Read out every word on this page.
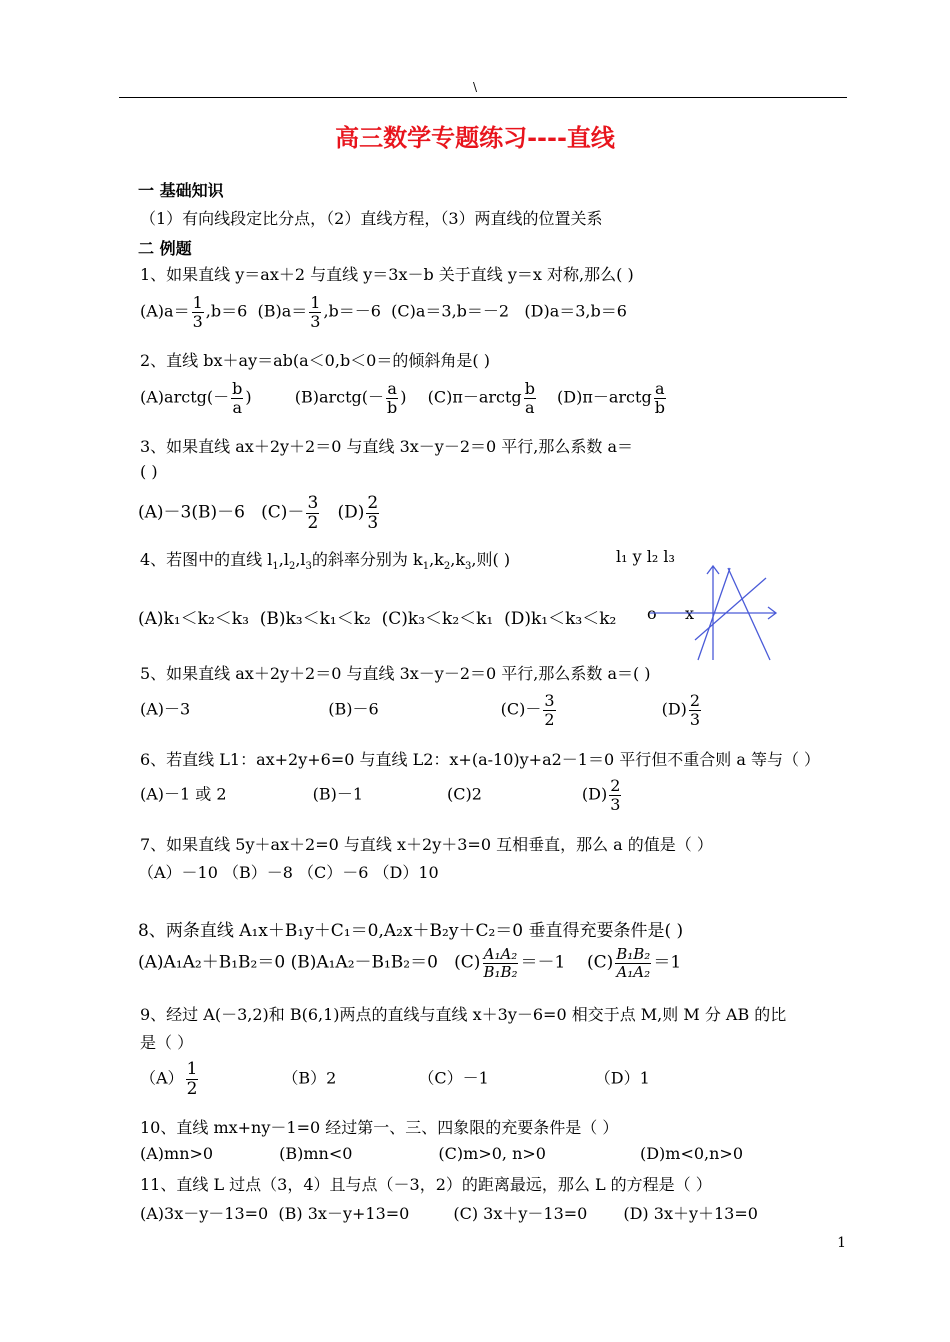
\
高三数学专题练习----直线
一 基础知识
（1）有向线段定比分点，（2）直线方程，（3）两直线的位置关系
二 例题
1、如果直线 y＝ax＋2 与直线 y＝3x－b 关于直线 y＝x 对称,那么( )
$(A)a= \frac{1}{3} ,b=6$ $(B)a= \frac{1}{3} ,b=-6$ (C)a＝3,b＝－2 (D)a＝3,b＝6
2、直线 bx＋ay＝ab(a＜0,b＜0＝的倾斜角是( )
(A)arctg(－ $\frac{b}{a}$ )	(B)arctg(－ $\frac{a}{b}$ ) (C)π－arctg $\frac{b}{a}$ (D)π－arctg $\frac{a}{b}$
3、如果直线 ax＋2y＋2＝0 与直线 3x－y－2＝0 平行,那么系数 a＝
( )
(A)－3(B)－6 $(C)- \frac{3}{2} (D) \frac{2}{3}$
4、若图中的直线 $l_1,l_2,l_3$的斜率分别为 $k_1,k_2,k_3$,则( )	l₁ y l₂ l₃
(A)k₁＜k₂＜k₃ (B)k₃＜k₁＜k₂ (C)k₃＜k₂＜k₁ (D)k₁＜k₃＜k₂ o x
5、如果直线 ax＋2y＋2＝0 与直线 3x－y－2＝0 平行,那么系数 a＝( )
(A)－3	(B)－6	$(C)- \frac{3}{2}$	$(D) \frac{2}{3}$
6、若直线 L1：ax+2y+6=0 与直线 L2：x+(a-10)y+a2－1＝0 平行但不重合则 a 等与（ ）
(A)－1 或 2	(B)－1	(C)2	$(D) \frac{2}{3}$
7、如果直线 5y＋ax＋2=0 与直线 x＋2y＋3=0 互相垂直，那么 a 的值是（ ）
（A）－10 （B）－8 （C）－6 （D）10
8、两条直线 A₁x＋B₁y＋C₁＝0,A₂x＋B₂y＋C₂＝0 垂直得充要条件是( )
(A)A₁A₂＋B₁B₂＝0 (B)A₁A₂－B₁B₂＝0 $(C) \frac{\text{A₁A₂}}{\text{B₁B₂}} =-1$ $(C) \frac{\text{B₁B₂}}{\text{A₁A₂}} =1$
9、经过 A(－3,2)和 B(6,1)两点的直线与直线 x＋3y－6=0 相交于点 M,则 M 分 AB 的比
是（ ）
$(A) \frac{1}{2}$	（B）2	（C）－1	（D）1
10、直线 mx+ny－1=0 经过第一、三、四象限的充要条件是（ ）
(A)mn>0	(B)mn<0	(C)m>0, n>0	(D)m<0,n>0
11、直线 L 过点（3，4）且与点（－3，2）的距离最远，那么 L 的方程是（ ）
(A)3x－y－13=0 (B) 3x－y+13=0	(C) 3x＋y－13=0 (D) 3x＋y＋13=0
1
